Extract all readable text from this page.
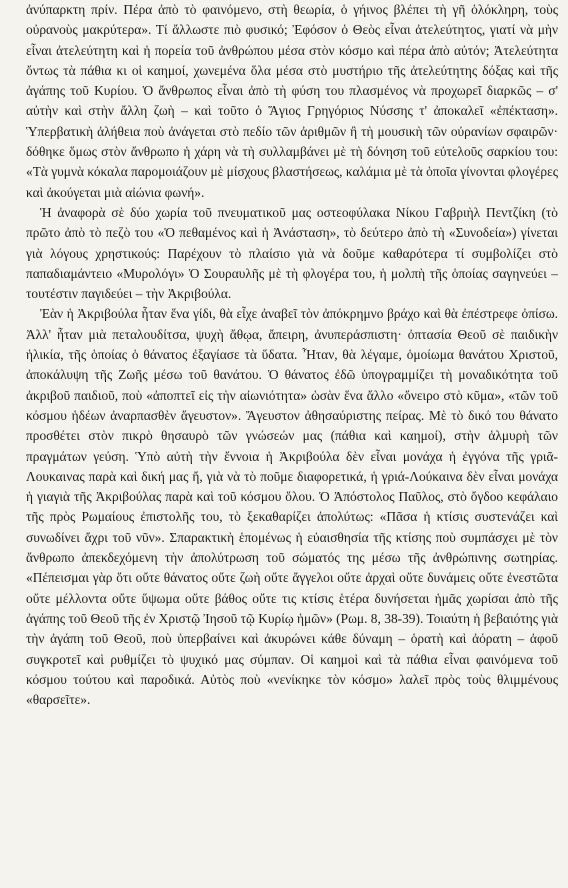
ἀνύπαρκτη πρίν. Πέρα ἀπὸ τὸ φαινόμενο, στὴ θεωρία, ὁ γήινος βλέπει τὴ γῆ ὁλόκληρη, τοὺς οὐρανοὺς μακρύτερα». Τί ἄλλωστε πιὸ φυσικό; Ἐφόσον ὁ Θεὸς εἶναι ἀτελεύτητος, γιατί νὰ μὴν εἶναι ἀτελεύτητη καὶ ἡ πορεία τοῦ ἀνθρώπου μέσα στὸν κόσμο καὶ πέρα ἀπὸ αὐτόν; Ἀτελεύτητα ὄντως τὰ πάθια κι οἱ καημοί, χωνεμένα ὅλα μέσα στὸ μυστήριο τῆς ἀτελεύτητης δόξας καὶ τῆς ἀγάπης τοῦ Κυρίου. Ὁ ἄνθρωπος εἶναι ἀπὸ τὴ φύση του πλασμένος νὰ προχωρεῖ διαρκῶς – σ' αὐτὴν καὶ στὴν ἄλλη ζωὴ – καὶ τοῦτο ὁ Ἅγιος Γρηγόριος Νύσσης τ' ἀποκαλεῖ «ἐπέκταση». Ὑπερβατικὴ ἀλήθεια ποὺ ἀνάγεται στὸ πεδίο τῶν ἀριθμῶν ἢ τὴ μουσικὴ τῶν οὐρανίων σφαιρῶν· δόθηκε ὅμως στὸν ἄνθρωπο ἡ χάρη νὰ τὴ συλλαμβάνει μὲ τὴ δόνηση τοῦ εὐτελοῦς σαρκίου του: «Τὰ γυμνὰ κόκαλα παρομοιάζουν μὲ μίσχους βλαστήσεως, καλάμια μὲ τὰ ὁποῖα γίνονται φλογέρες καὶ ἀκούγεται μιὰ αἰώνια φωνή».

Ἡ ἀναφορὰ σὲ δύο χωρία τοῦ πνευματικοῦ μας οστεοφύλακα Νίκου Γαβριὴλ Πεντζίκη (τὸ πρῶτο ἀπὸ τὸ πεζὸ του «Ὁ πεθαμένος καὶ ἡ Ἀνάσταση», τὸ δεύτερο ἀπὸ τὴ «Συνοδεία») γίνεται γιὰ λόγους χρηστικούς: Παρέχουν τὸ πλαίσιο γιὰ νὰ δοῦμε καθαρότερα τί συμβολίζει στὸ παπαδιαμάντειο «Μυρολόγι» Ὁ Σουραυλῆς μὲ τὴ φλογέρα του, ἡ μολπὴ τῆς ὁποίας σαγηνεύει – τουτέστιν παγιδεύει – τὴν Ἀκριβούλα.

Ἐὰν ἡ Ἀκριβούλα ἦταν ἕνα γίδι, θὰ εἶχε ἀναβεῖ τὸν ἀπόκρημνο βράχο καὶ θὰ ἐπέστρεφε ὀπίσω. Ἀλλ' ἦταν μιὰ πεταλουδίτσα, ψυχὴ ἄθῳα, ἄπειρη, ἀνυπεράσπιστη· ὀπτασία Θεοῦ σὲ παιδικὴν ἡλικία, τῆς ὁποίας ὁ θάνατος ἐξαγίασε τὰ ὕδατα. Ἦταν, θὰ λέγαμε, ὁμοίωμα θανάτου Χριστοῦ, ἀποκάλυψη τῆς Ζωῆς μέσω τοῦ θανάτου. Ὁ θάνατος ἐδῶ ὑπογραμμίζει τὴ μοναδικότητα τοῦ ἀκριβοῦ παιδιοῦ, ποὺ «ἀποπτεῖ εἰς τὴν αἰωνιότητα» ὡσὰν ἕνα ἄλλο «ὄνειρο στὸ κῦμα», «τῶν τοῦ κόσμου ἡδέων ἀναρπασθὲν ἄγευστον». Ἄγευστον ἀθησαύριστης πείρας. Μὲ τὸ δικό του θάνατο προσθέτει στὸν πικρὸ θησαυρὸ τῶν γνώσεών μας (πάθια καὶ καημοί), στὴν ἁλμυρὴ τῶν πραγμάτων γεύση. Ὑπὸ αὐτὴ τὴν ἔννοια ἡ Ἀκριβούλα δὲν εἶναι μονάχα ἡ ἐγγόνα τῆς γριᾶ-Λουκαινας παρὰ καὶ δική μας ἤ, γιὰ νὰ τὸ ποῦμε διαφορετικά, ἡ γριά-Λούκαινα δὲν εἶναι μονάχα ἡ γιαγιὰ τῆς Ἀκριβούλας παρὰ καὶ τοῦ κόσμου ὅλου. Ὁ Ἀπόστολος Παῦλος, στὸ ὄγδοο κεφάλαιο τῆς πρὸς Ρωμαίους ἐπιστολῆς του, τὸ ξεκαθαρίζει ἀπολύτως: «Πᾶσα ἡ κτίσις συστενάζει καὶ συνωδίνει ἄχρι τοῦ νῦν». Σπαρακτικὴ ἑπομένως ἡ εὐαισθησία τῆς κτίσης ποὺ συμπάσχει μὲ τὸν ἄνθρωπο ἀπεκδεχόμενη τὴν ἀπολύτρωση τοῦ σώματός της μέσω τῆς ἀνθρώπινης σωτηρίας. «Πέπεισμαι γὰρ ὅτι οὔτε θάνατος οὔτε ζωὴ οὔτε ἄγγελοι οὔτε ἀρχαὶ οὔτε δυνάμεις οὔτε ἐνεστῶτα οὔτε μέλλοντα οὔτε ὕψωμα οὔτε βάθος οὔτε τις κτίσις ἑτέρα δυνήσεται ἡμᾶς χωρίσαι ἀπὸ τῆς ἀγάπης τοῦ Θεοῦ τῆς ἐν Χριστῷ Ἰησοῦ τῷ Κυρίῳ ἡμῶν» (Ρωμ. 8, 38-39). Τοιαύτη ἡ βεβαιότης γιὰ τὴν ἀγάπη τοῦ Θεοῦ, ποὺ ὑπερβαίνει καὶ ἀκυρώνει κάθε δύναμη – ὁρατὴ καὶ ἀόρατη – ἀφοῦ συγκροτεῖ καὶ ρυθμίζει τὸ ψυχικό μας σύμπαν. Οἱ καημοὶ καὶ τὰ πάθια εἶναι φαινόμενα τοῦ κόσμου τούτου καὶ παροδικά. Αὐτὸς ποὺ «νενίκηκε τὸν κόσμο» λαλεῖ πρὸς τοὺς θλιμμένους «θαρσεῖτε».
